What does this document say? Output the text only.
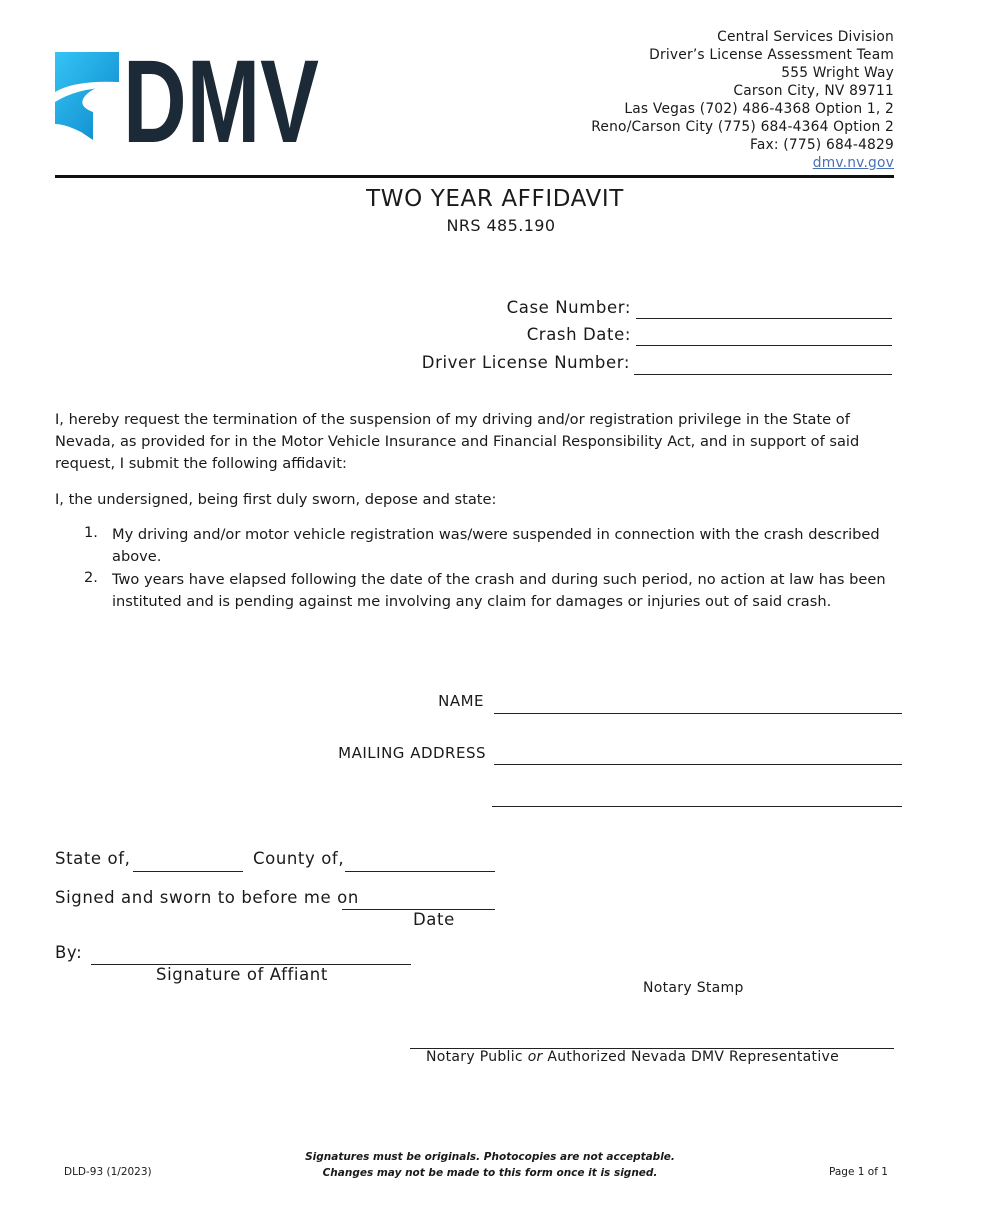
DMV	Central Services Division
Driver’s License Assessment Team
555 Wright Way
Carson City, NV 89711
Las Vegas (702) 486-4368 Option 1, 2
Reno/Carson City (775) 684-4364 Option 2
Fax: (775) 684-4829
dmv.nv.gov
TWO YEAR AFFIDAVIT
NRS 485.190
Case Number:
Crash Date:
Driver License Number:
I, hereby request the termination of the suspension of my driving and/or registration privilege in the State of Nevada, as provided for in the Motor Vehicle Insurance and Financial Responsibility Act, and in support of said request, I submit the following affidavit:
I, the undersigned, being first duly sworn, depose and state:
1. My driving and/or motor vehicle registration was/were suspended in connection with the crash described above.
2. Two years have elapsed following the date of the crash and during such period, no action at law has been instituted and is pending against me involving any claim for damages or injuries out of said crash.
NAME
MAILING ADDRESS
State of,	County of,
Signed and sworn to before me on
Date
By:
Signature of Affiant
Notary Stamp
Notary Public or Authorized Nevada DMV Representative
DLD-93 (1/2023)
Signatures must be originals. Photocopies are not acceptable.
Changes may not be made to this form once it is signed.	Page 1 of 1
